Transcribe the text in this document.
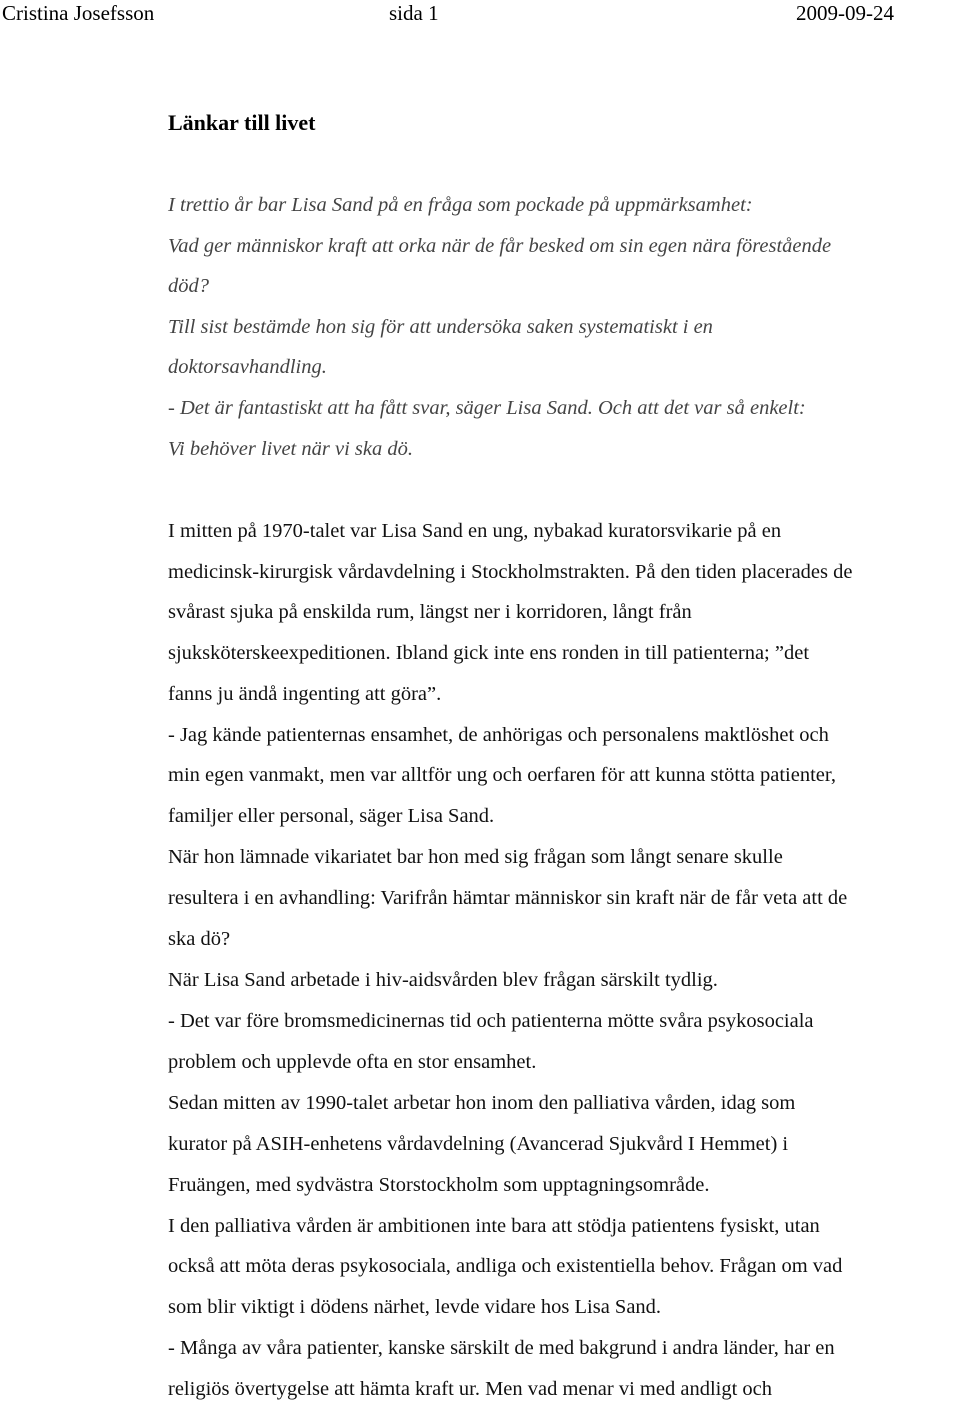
Cristina Josefsson	sida 1	2009-09-24
Länkar till livet

I trettio år bar Lisa Sand på en fråga som pockade på uppmärksamhet:

Vad ger människor kraft att orka när de får besked om sin egen nära förestående

död?

Till sist bestämde hon sig för att undersöka saken systematiskt i en

doktorsavhandling.

- Det är fantastiskt att ha fått svar, säger Lisa Sand. Och att det var så enkelt:

Vi behöver livet när vi ska dö.

I mitten på 1970-talet var Lisa Sand en ung, nybakad kuratorsvikarie på en

medicinsk-kirurgisk vårdavdelning i Stockholmstrakten. På den tiden placerades de

svårast sjuka på enskilda rum, längst ner i korridoren, långt från

sjuksköterskeexpeditionen. Ibland gick inte ens ronden in till patienterna; ”det

fanns ju ändå ingenting att göra”.

- Jag kände patienternas ensamhet, de anhörigas och personalens maktlöshet och

min egen vanmakt, men var alltför ung och oerfaren för att kunna stötta patienter,

familjer eller personal, säger Lisa Sand.

När hon lämnade vikariatet bar hon med sig frågan som långt senare skulle

resultera i en avhandling: Varifrån hämtar människor sin kraft när de får veta att de

ska dö?

När Lisa Sand arbetade i hiv-aidsvården blev frågan särskilt tydlig.

- Det var före bromsmedicinernas tid och patienterna mötte svåra psykosociala

problem och upplevde ofta en stor ensamhet.

Sedan mitten av 1990-talet arbetar hon inom den palliativa vården, idag som

kurator på ASIH-enhetens vårdavdelning (Avancerad Sjukvård I Hemmet) i

Fruängen, med sydvästra Storstockholm som upptagningsområde.

I den palliativa vården är ambitionen inte bara att stödja patientens fysiskt, utan

också att möta deras psykosociala, andliga och existentiella behov. Frågan om vad

som blir viktigt i dödens närhet, levde vidare hos Lisa Sand.

- Många av våra patienter, kanske särskilt de med bakgrund i andra länder, har en

religiös övertygelse att hämta kraft ur. Men vad menar vi med andligt och
